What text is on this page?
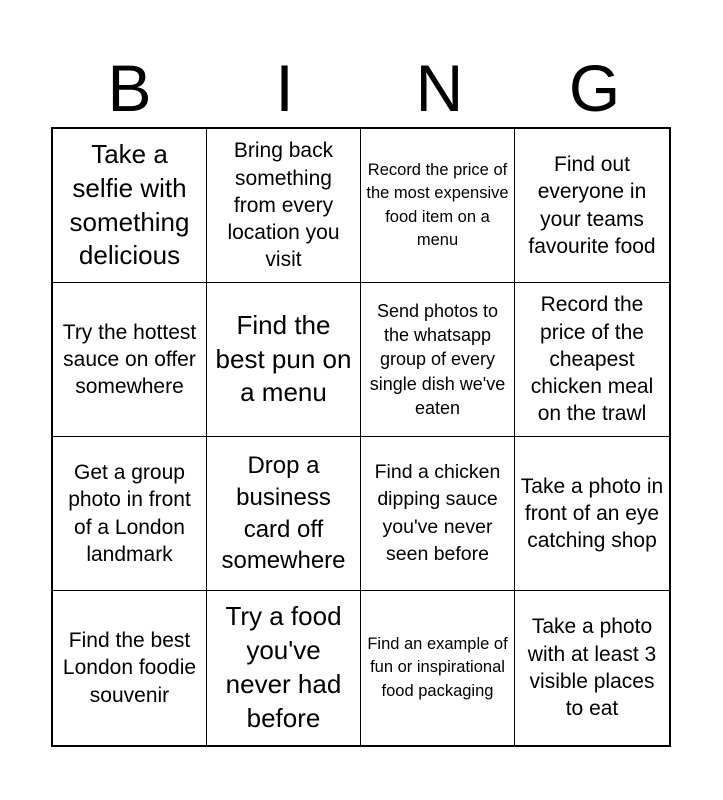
B	I	N	G
Take a selfie with something delicious
Bring back something from every location you visit
Record the price of the most expensive food item on a menu
Find out everyone in your teams favourite food
Try the hottest sauce on offer somewhere
Find the best pun on a menu
Send photos to the whatsapp group of every single dish we've eaten
Record the price of the cheapest chicken meal on the trawl
Get a group photo in front of a London landmark
Drop a business card off somewhere
Find a chicken dipping sauce you've never seen before
Take a photo in front of an eye catching shop
Find the best London foodie souvenir
Try a food you've never had before
Find an example of fun or inspirational food packaging
Take a photo with at least 3 visible places to eat
